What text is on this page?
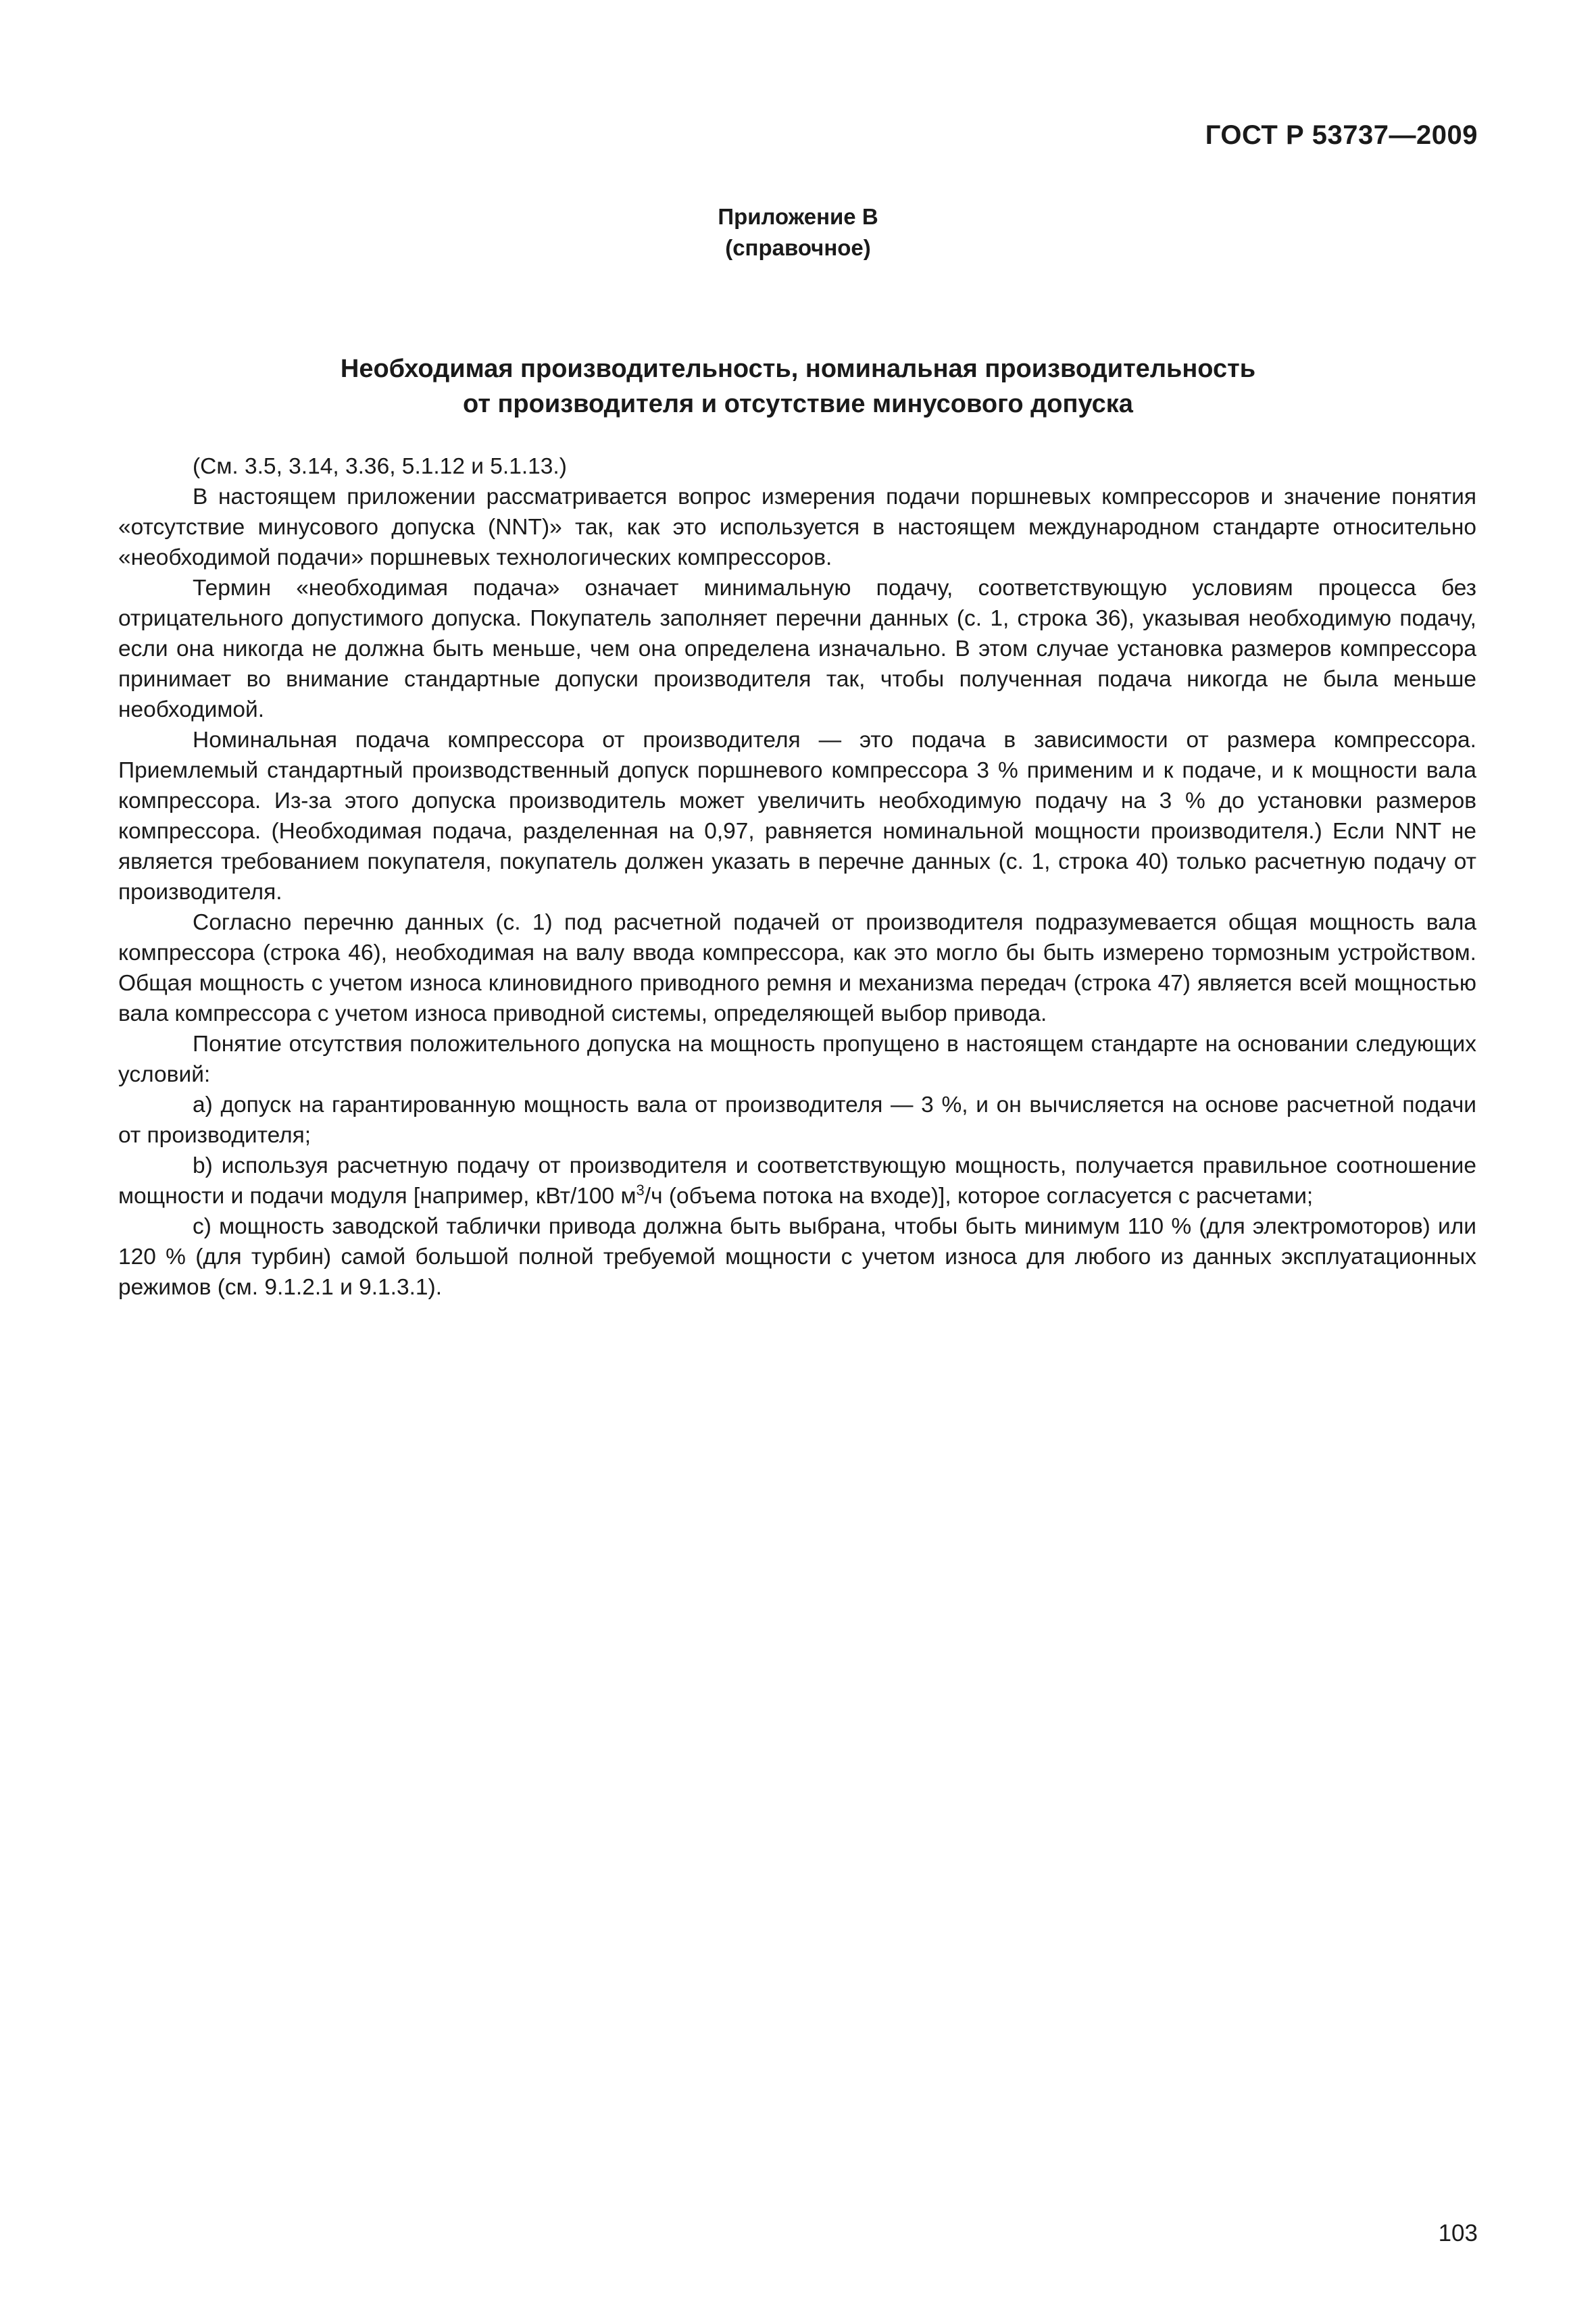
ГОСТ Р 53737—2009
Приложение В
(справочное)
Необходимая производительность, номинальная производительность
от производителя и отсутствие минусового допуска

(См. 3.5, 3.14, 3.36, 5.1.12 и 5.1.13.)

В настоящем приложении рассматривается вопрос измерения подачи поршневых компрессоров и значение понятия «отсутствие минусового допуска (NNT)» так, как это используется в настоящем международном стандарте относительно «необходимой подачи» поршневых технологических компрессоров.

Термин «необходимая подача» означает минимальную подачу, соответствующую условиям процесса без отрицательного допустимого допуска. Покупатель заполняет перечни данных (с. 1, строка 36), указывая необходимую подачу, если она никогда не должна быть меньше, чем она определена изначально. В этом случае установка размеров компрессора принимает во внимание стандартные допуски производителя так, чтобы полученная подача никогда не была меньше необходимой.

Номинальная подача компрессора от производителя — это подача в зависимости от размера компрессора. Приемлемый стандартный производственный допуск поршневого компрессора 3 % применим и к подаче, и к мощности вала компрессора. Из-за этого допуска производитель может увеличить необходимую подачу на 3 % до установки размеров компрессора. (Необходимая подача, разделенная на 0,97, равняется номинальной мощности производителя.) Если NNT не является требованием покупателя, покупатель должен указать в перечне данных (с. 1, строка 40) только расчетную подачу от производителя.

Согласно перечню данных (с. 1) под расчетной подачей от производителя подразумевается общая мощность вала компрессора (строка 46), необходимая на валу ввода компрессора, как это могло бы быть измерено тормозным устройством. Общая мощность с учетом износа клиновидного приводного ремня и механизма передач (строка 47) является всей мощностью вала компрессора с учетом износа приводной системы, определяющей выбор привода.

Понятие отсутствия положительного допуска на мощность пропущено в настоящем стандарте на основании следующих условий:

a) допуск на гарантированную мощность вала от производителя — 3 %, и он вычисляется на основе расчетной подачи от производителя;

b) используя расчетную подачу от производителя и соответствующую мощность, получается правильное соотношение мощности и подачи модуля [например, кВт/100 $м^3/ч$ (объема потока на входе)], которое согласуется с расчетами;

c) мощность заводской таблички привода должна быть выбрана, чтобы быть минимум 110 % (для электромоторов) или 120 % (для турбин) самой большой полной требуемой мощности с учетом износа для любого из данных эксплуатационных режимов (см. 9.1.2.1 и 9.1.3.1).

103
